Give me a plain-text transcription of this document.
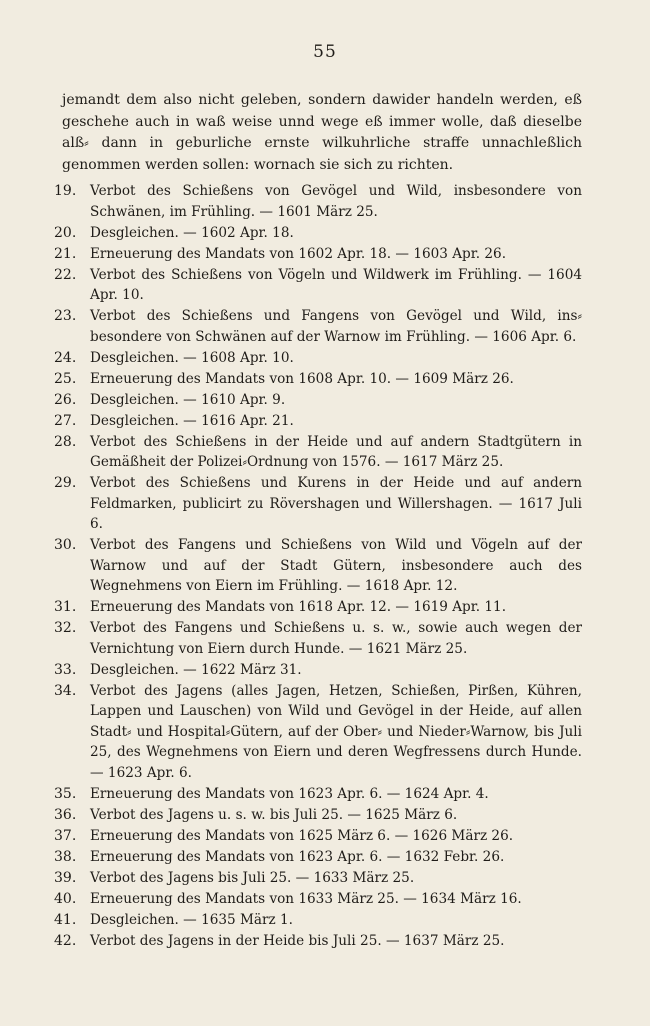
55

jemandt dem also nicht geleben, sondern dawider handeln werden, eß geschehe auch in waß weise unnd wege eß immer wolle, daß dieselbe alß⸗ dann in geburliche ernste wilkuhrliche straffe unnachleßlich genommen werden sollen: wornach sie sich zu richten.

19.	Verbot des Schießens von Gevögel und Wild, insbesondere von Schwänen, im Frühling. — 1601 März 25.
20.	Desgleichen. — 1602 Apr. 18.
21.	Erneuerung des Mandats von 1602 Apr. 18. — 1603 Apr. 26.
22.	Verbot des Schießens von Vögeln und Wildwerk im Frühling. — 1604 Apr. 10.
23.	Verbot des Schießens und Fangens von Gevögel und Wild, ins⸗ besondere von Schwänen auf der Warnow im Frühling. — 1606 Apr. 6.
24.	Desgleichen. — 1608 Apr. 10.
25.	Erneuerung des Mandats von 1608 Apr. 10. — 1609 März 26.
26.	Desgleichen. — 1610 Apr. 9.
27.	Desgleichen. — 1616 Apr. 21.
28.	Verbot des Schießens in der Heide und auf andern Stadtgütern in Gemäßheit der Polizei⸗Ordnung von 1576. — 1617 März 25.
29.	Verbot des Schießens und Kurens in der Heide und auf andern Feldmarken, publicirt zu Rövershagen und Willershagen. — 1617 Juli 6.
30.	Verbot des Fangens und Schießens von Wild und Vögeln auf der Warnow und auf der Stadt Gütern, insbesondere auch des Wegnehmens von Eiern im Frühling. — 1618 Apr. 12.
31.	Erneuerung des Mandats von 1618 Apr. 12. — 1619 Apr. 11.
32.	Verbot des Fangens und Schießens u. s. w., sowie auch wegen der Vernichtung von Eiern durch Hunde. — 1621 März 25.
33.	Desgleichen. — 1622 März 31.
34.	Verbot des Jagens (alles Jagen, Hetzen, Schießen, Pirßen, Kühren, Lappen und Lauschen) von Wild und Gevögel in der Heide, auf allen Stadt⸗ und Hospital⸗Gütern, auf der Ober⸗ und Nieder⸗Warnow, bis Juli 25, des Wegnehmens von Eiern und deren Wegfressens durch Hunde. — 1623 Apr. 6.
35.	Erneuerung des Mandats von 1623 Apr. 6. — 1624 Apr. 4.
36.	Verbot des Jagens u. s. w. bis Juli 25. — 1625 März 6.
37.	Erneuerung des Mandats von 1625 März 6. — 1626 März 26.
38.	Erneuerung des Mandats von 1623 Apr. 6. — 1632 Febr. 26.
39.	Verbot des Jagens bis Juli 25. — 1633 März 25.
40.	Erneuerung des Mandats von 1633 März 25. — 1634 März 16.
41.	Desgleichen. — 1635 März 1.
42.	Verbot des Jagens in der Heide bis Juli 25. — 1637 März 25.
